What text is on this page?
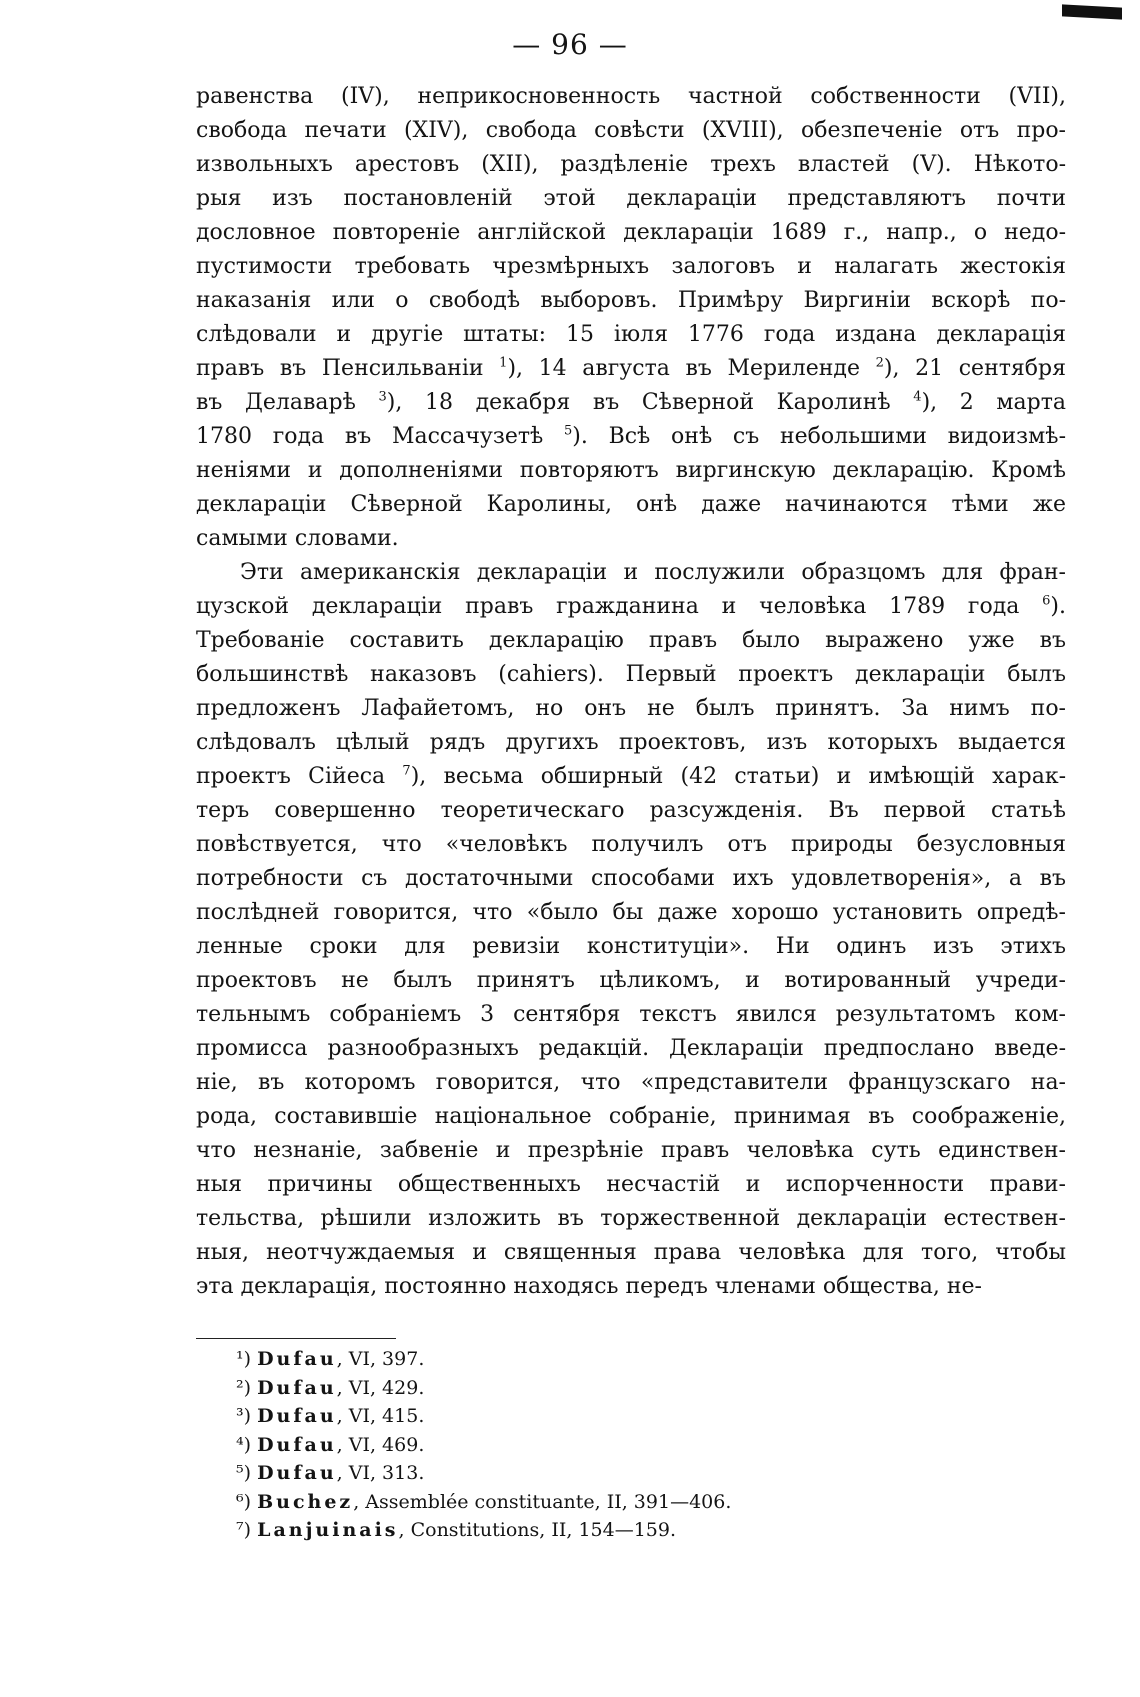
— 96 —
равенства (IV), неприкосновенность частной собственности (VII),
свобода печати (XIV), свобода совѣсти (XVIII), обезпеченіе отъ про-
извольныхъ арестовъ (XII), раздѣленіе трехъ властей (V). Нѣкото-
рыя изъ постановленій этой декларацiи представляютъ почти
дословное повтореніе англійской декларацiи 1689 г., напр., о недо-
пустимости требовать чрезмѣрныхъ залоговъ и налагать жестокія
наказанія или о свободѣ выборовъ. Примѣру Виргиніи вскорѣ по-
слѣдовали и другіе штаты: 15 іюля 1776 года издана декларація
правъ въ Пенсильваніи $^1$), 14 августа въ Мериленде $^2$), 21 сентября
въ Делаварѣ $^3$), 18 декабря въ Сѣверной Каролинѣ $^4$), 2 марта
1780 года въ Массачузетѣ $^5$). Всѣ онѣ съ небольшими видоизмѣ-
неніями и дополненіями повторяютъ виргинскую декларацію. Кромѣ
декларацiи Сѣверной Каролины, онѣ даже начинаются тѣми же
самыми словами.
Эти американскія декларацiи и послужили образцомъ для фран-
цузской декларацiи правъ гражданина и человѣка 1789 года $^6$).
Требованіе составить декларацію правъ было выражено уже въ
большинствѣ наказовъ (cahiers). Первый проектъ декларацiи былъ
предложенъ Лафайетомъ, но онъ не былъ принятъ. За нимъ по-
слѣдовалъ цѣлый рядъ другихъ проектовъ, изъ которыхъ выдается
проектъ Сійеса $^7$), весьма обширный (42 статьи) и имѣющій харак-
теръ совершенно теоретическаго разсужденія. Въ первой статьѣ
повѣствуется, что «человѣкъ получилъ отъ природы безусловныя
потребности съ достаточными способами ихъ удовлетворенія», а въ
послѣдней говорится, что «было бы даже хорошо установить опредѣ-
ленные сроки для ревизіи конституціи». Ни одинъ изъ этихъ
проектовъ не былъ принятъ цѣликомъ, и вотированный учреди-
тельнымъ собраніемъ 3 сентября текстъ явился результатомъ ком-
промисса разнообразныхъ редакцій. Декларацiи предпослано введе-
ніе, въ которомъ говорится, что «представители французскаго на-
рода, составившіе національное собраніе, принимая въ соображеніе,
что незнаніе, забвеніе и презрѣніе правъ человѣка суть единствен-
ныя причины общественныхъ несчастій и испорченности прави-
тельства, рѣшили изложить въ торжественной декларацiи естествен-
ныя, неотчуждаемыя и священныя права человѣка для того, чтобы
эта декларація, постоянно находясь передъ членами общества, не-
¹) Dufau, VI, 397.
²) Dufau, VI, 429.
³) Dufau, VI, 415.
⁴) Dufau, VI, 469.
⁵) Dufau, VI, 313.
⁶) Buchez, Assemblée constituante, II, 391—406.
⁷) Lanjuinais, Constitutions, II, 154—159.
